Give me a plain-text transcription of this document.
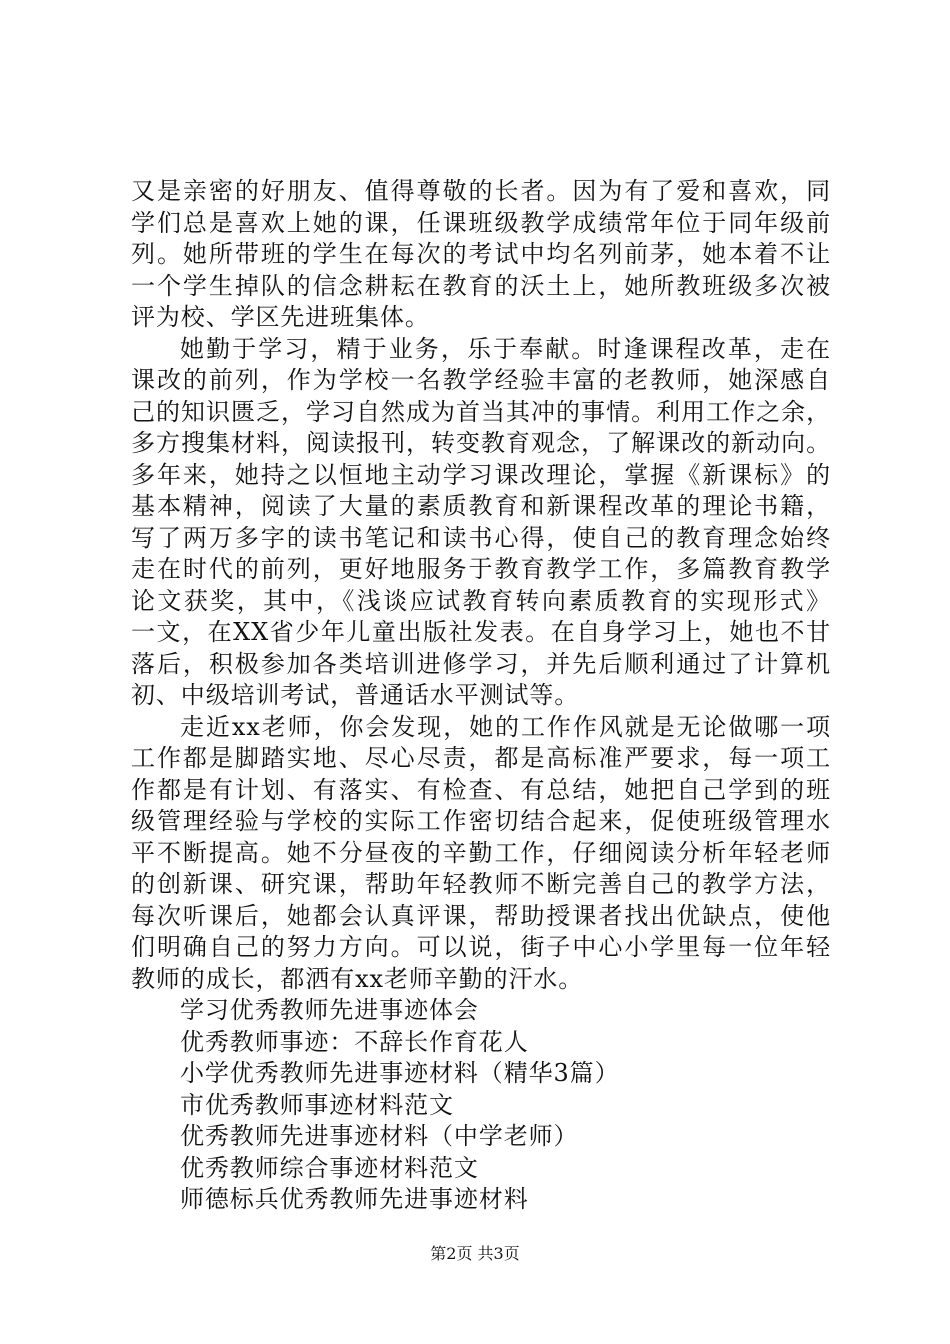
又是亲密的好朋友、值得尊敬的长者。因为有了爱和喜欢，同
学们总是喜欢上她的课，任课班级教学成绩常年位于同年级前
列。她所带班的学生在每次的考试中均名列前茅，她本着不让
一个学生掉队的信念耕耘在教育的沃土上，她所教班级多次被
评为校、学区先进班集体。
她勤于学习，精于业务，乐于奉献。时逢课程改革，走在
课改的前列，作为学校一名教学经验丰富的老教师，她深感自
己的知识匮乏，学习自然成为首当其冲的事情。利用工作之余，
多方搜集材料，阅读报刊，转变教育观念，了解课改的新动向。
多年来，她持之以恒地主动学习课改理论，掌握《新课标》的
基本精神，阅读了大量的素质教育和新课程改革的理论书籍，
写了两万多字的读书笔记和读书心得，使自己的教育理念始终
走在时代的前列，更好地服务于教育教学工作，多篇教育教学
论文获奖，其中，《浅谈应试教育转向素质教育的实现形式》
一文，在XX省少年儿童出版社发表。在自身学习上，她也不甘
落后，积极参加各类培训进修学习，并先后顺利通过了计算机
初、中级培训考试，普通话水平测试等。
走近xx老师，你会发现，她的工作作风就是无论做哪一项
工作都是脚踏实地、尽心尽责，都是高标准严要求，每一项工
作都是有计划、有落实、有检查、有总结，她把自己学到的班
级管理经验与学校的实际工作密切结合起来，促使班级管理水
平不断提高。她不分昼夜的辛勤工作，仔细阅读分析年轻老师
的创新课、研究课，帮助年轻教师不断完善自己的教学方法，
每次听课后，她都会认真评课，帮助授课者找出优缺点，使他
们明确自己的努力方向。可以说，街子中心小学里每一位年轻
教师的成长，都洒有xx老师辛勤的汗水。
学习优秀教师先进事迹体会
优秀教师事迹：不辞长作育花人
小学优秀教师先进事迹材料（精华3篇）
市优秀教师事迹材料范文
优秀教师先进事迹材料（中学老师）
优秀教师综合事迹材料范文
师德标兵优秀教师先进事迹材料
第2页 共3页
